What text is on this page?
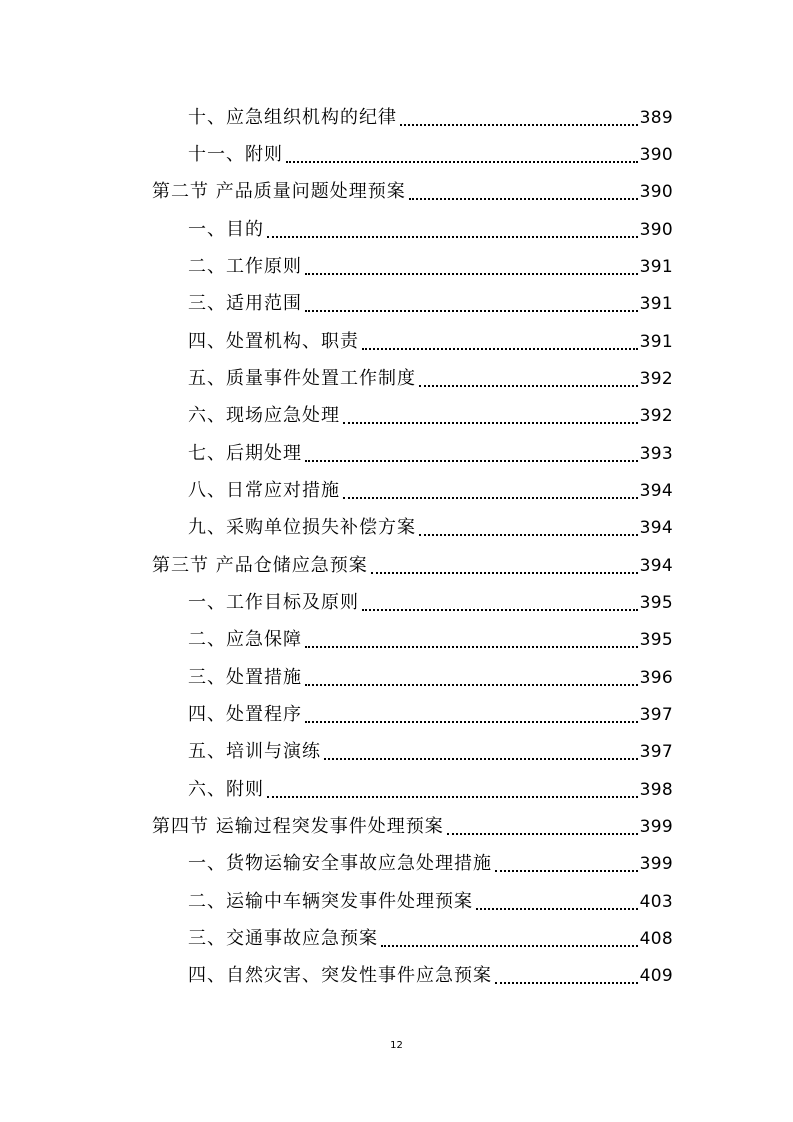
十、应急组织机构的纪律	389
十一、附则	390
第二节 产品质量问题处理预案	390
一、目的	390
二、工作原则	391
三、适用范围	391
四、处置机构、职责	391
五、质量事件处置工作制度	392
六、现场应急处理	392
七、后期处理	393
八、日常应对措施	394
九、采购单位损失补偿方案	394
第三节 产品仓储应急预案	394
一、工作目标及原则	395
二、应急保障	395
三、处置措施	396
四、处置程序	397
五、培训与演练	397
六、附则	398
第四节 运输过程突发事件处理预案	399
一、货物运输安全事故应急处理措施	399
二、运输中车辆突发事件处理预案	403
三、交通事故应急预案	408
四、自然灾害、突发性事件应急预案	409
12
